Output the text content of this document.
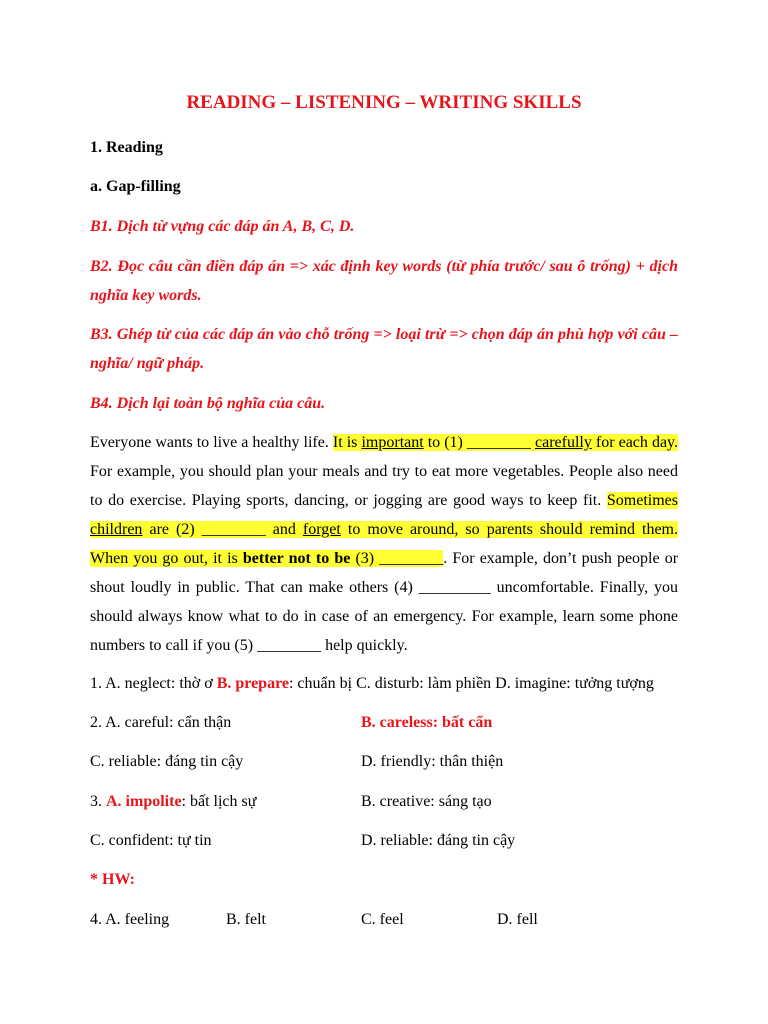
READING – LISTENING – WRITING SKILLS
1. Reading
a. Gap-filling
B1. Dịch từ vựng các đáp án A, B, C, D.
B2. Đọc câu cần điền đáp án => xác định key words (từ phía trước/ sau ô trống) + dịch nghĩa key words.
B3. Ghép từ của các đáp án vào chỗ trống => loại trừ => chọn đáp án phù hợp với câu – nghĩa/ ngữ pháp.
B4. Dịch lại toàn bộ nghĩa của câu.
Everyone wants to live a healthy life. It is important to (1) ________ carefully for each day. For example, you should plan your meals and try to eat more vegetables. People also need to do exercise. Playing sports, dancing, or jogging are good ways to keep fit. Sometimes children are (2) ________ and forget to move around, so parents should remind them. When you go out, it is better not to be (3) ________. For example, don’t push people or shout loudly in public. That can make others (4) _________ uncomfortable. Finally, you should always know what to do in case of an emergency. For example, learn some phone numbers to call if you (5) ________ help quickly.
1. A. neglect: thờ ơ B. prepare: chuẩn bị C. disturb: làm phiền D. imagine: tưởng tượng
2. A. careful: cẩn thận	B. careless: bất cẩn
C. reliable: đáng tin cậy	D. friendly: thân thiện
3. A. impolite: bất lịch sự	B. creative: sáng tạo
C. confident: tự tin	D. reliable: đáng tin cậy
* HW:
4. A. feeling	B. felt	C. feel	D. fell
